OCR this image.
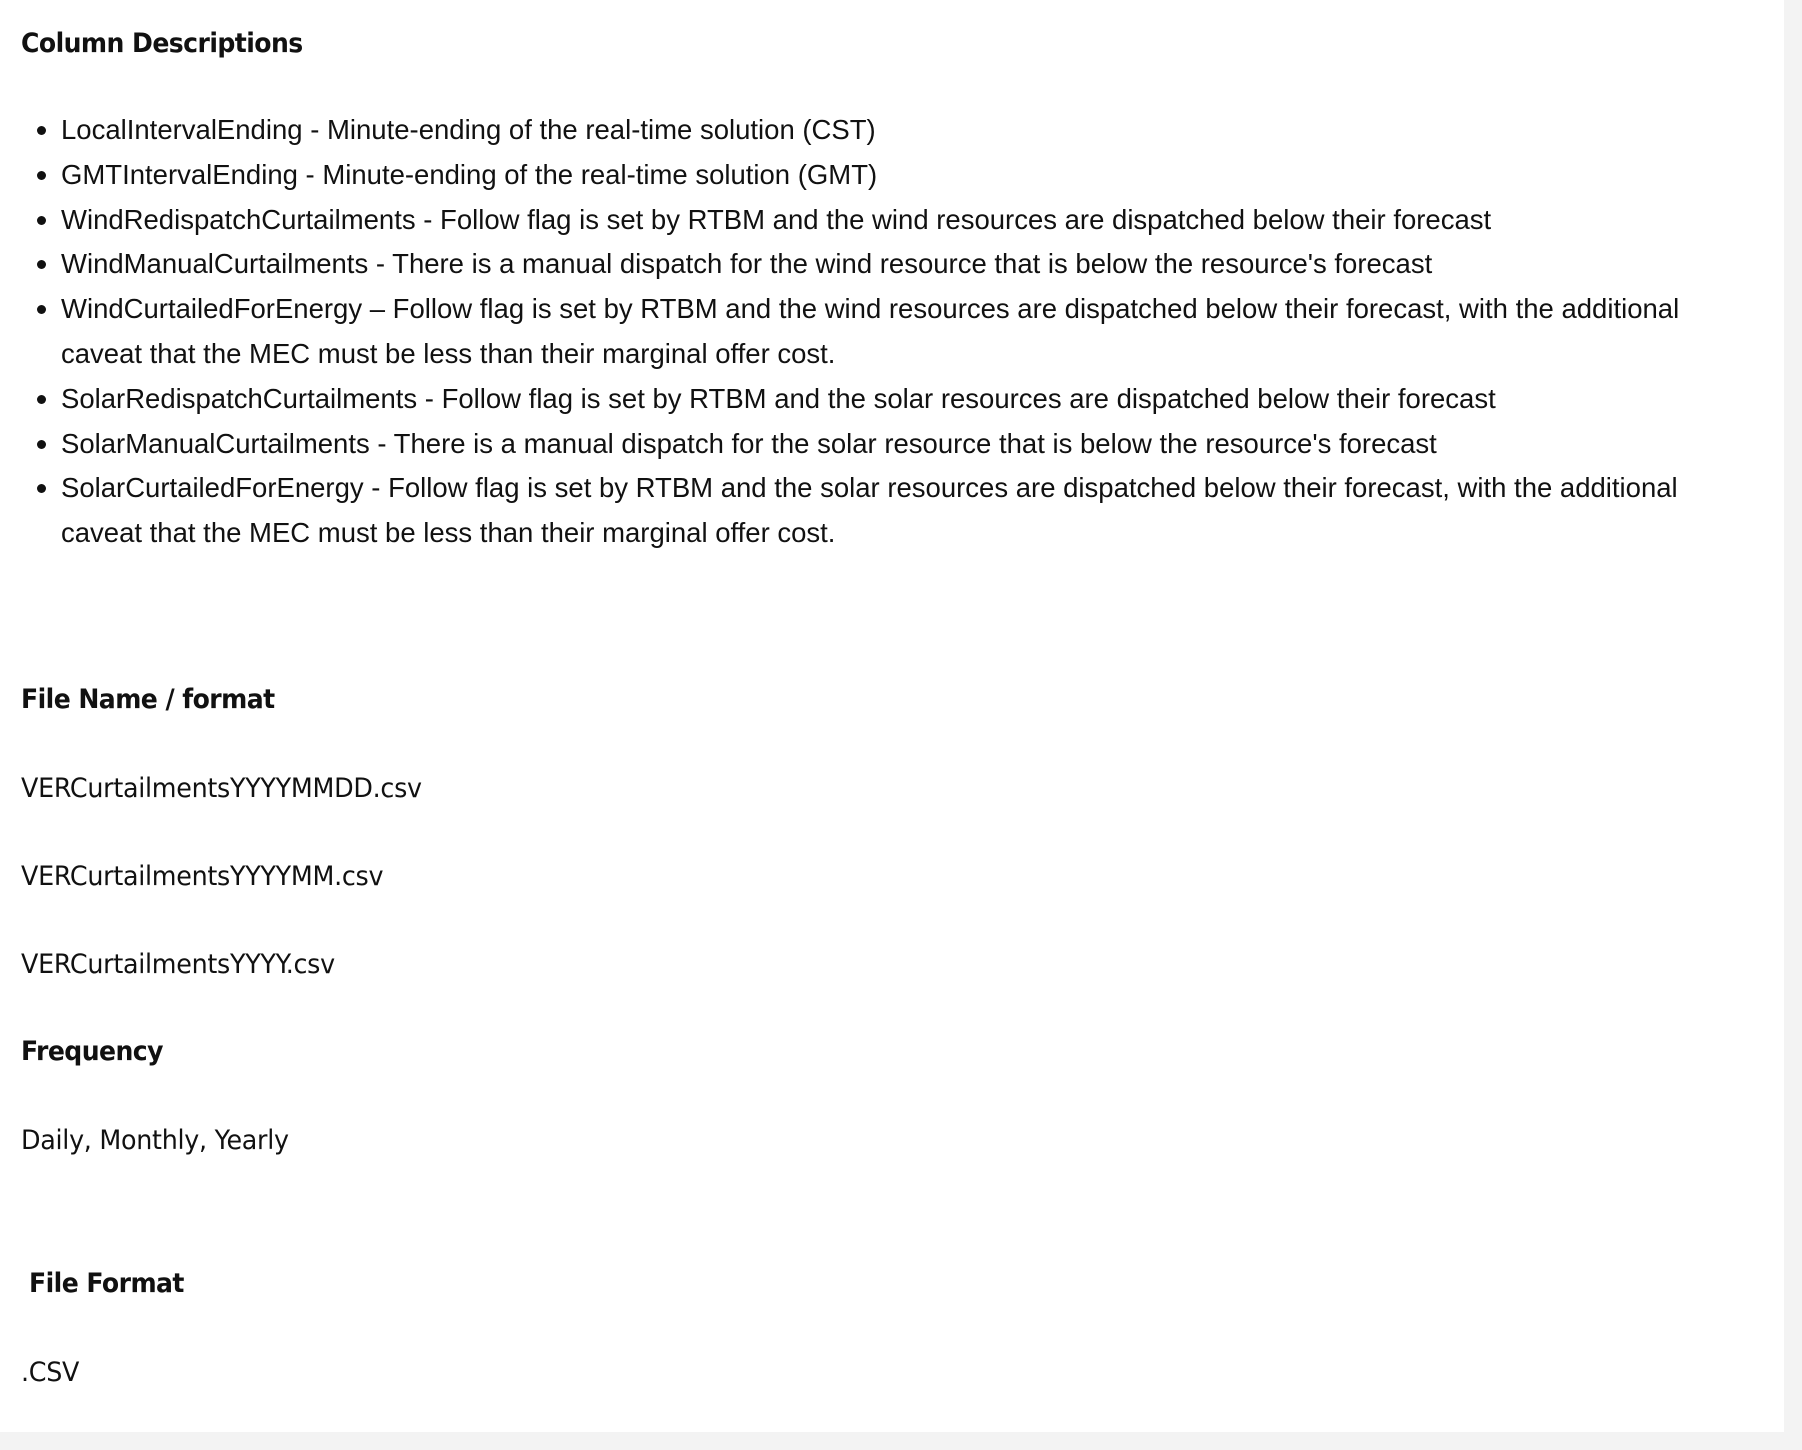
Column Descriptions
LocalIntervalEnding - Minute-ending of the real-time solution (CST)
GMTIntervalEnding - Minute-ending of the real-time solution (GMT)
WindRedispatchCurtailments - Follow flag is set by RTBM and the wind resources are dispatched below their forecast
WindManualCurtailments - There is a manual dispatch for the wind resource that is below the resource's forecast
WindCurtailedForEnergy – Follow flag is set by RTBM and the wind resources are dispatched below their forecast, with the additional caveat that the MEC must be less than their marginal offer cost.
SolarRedispatchCurtailments - Follow flag is set by RTBM and the solar resources are dispatched below their forecast
SolarManualCurtailments - There is a manual dispatch for the solar resource that is below the resource's forecast
SolarCurtailedForEnergy - Follow flag is set by RTBM and the solar resources are dispatched below their forecast, with the additional caveat that the MEC must be less than their marginal offer cost.
File Name / format

VERCurtailmentsYYYYMMDD.csv

VERCurtailmentsYYYYMM.csv

VERCurtailmentsYYYY.csv

Frequency

Daily, Monthly, Yearly

File Format

.CSV
